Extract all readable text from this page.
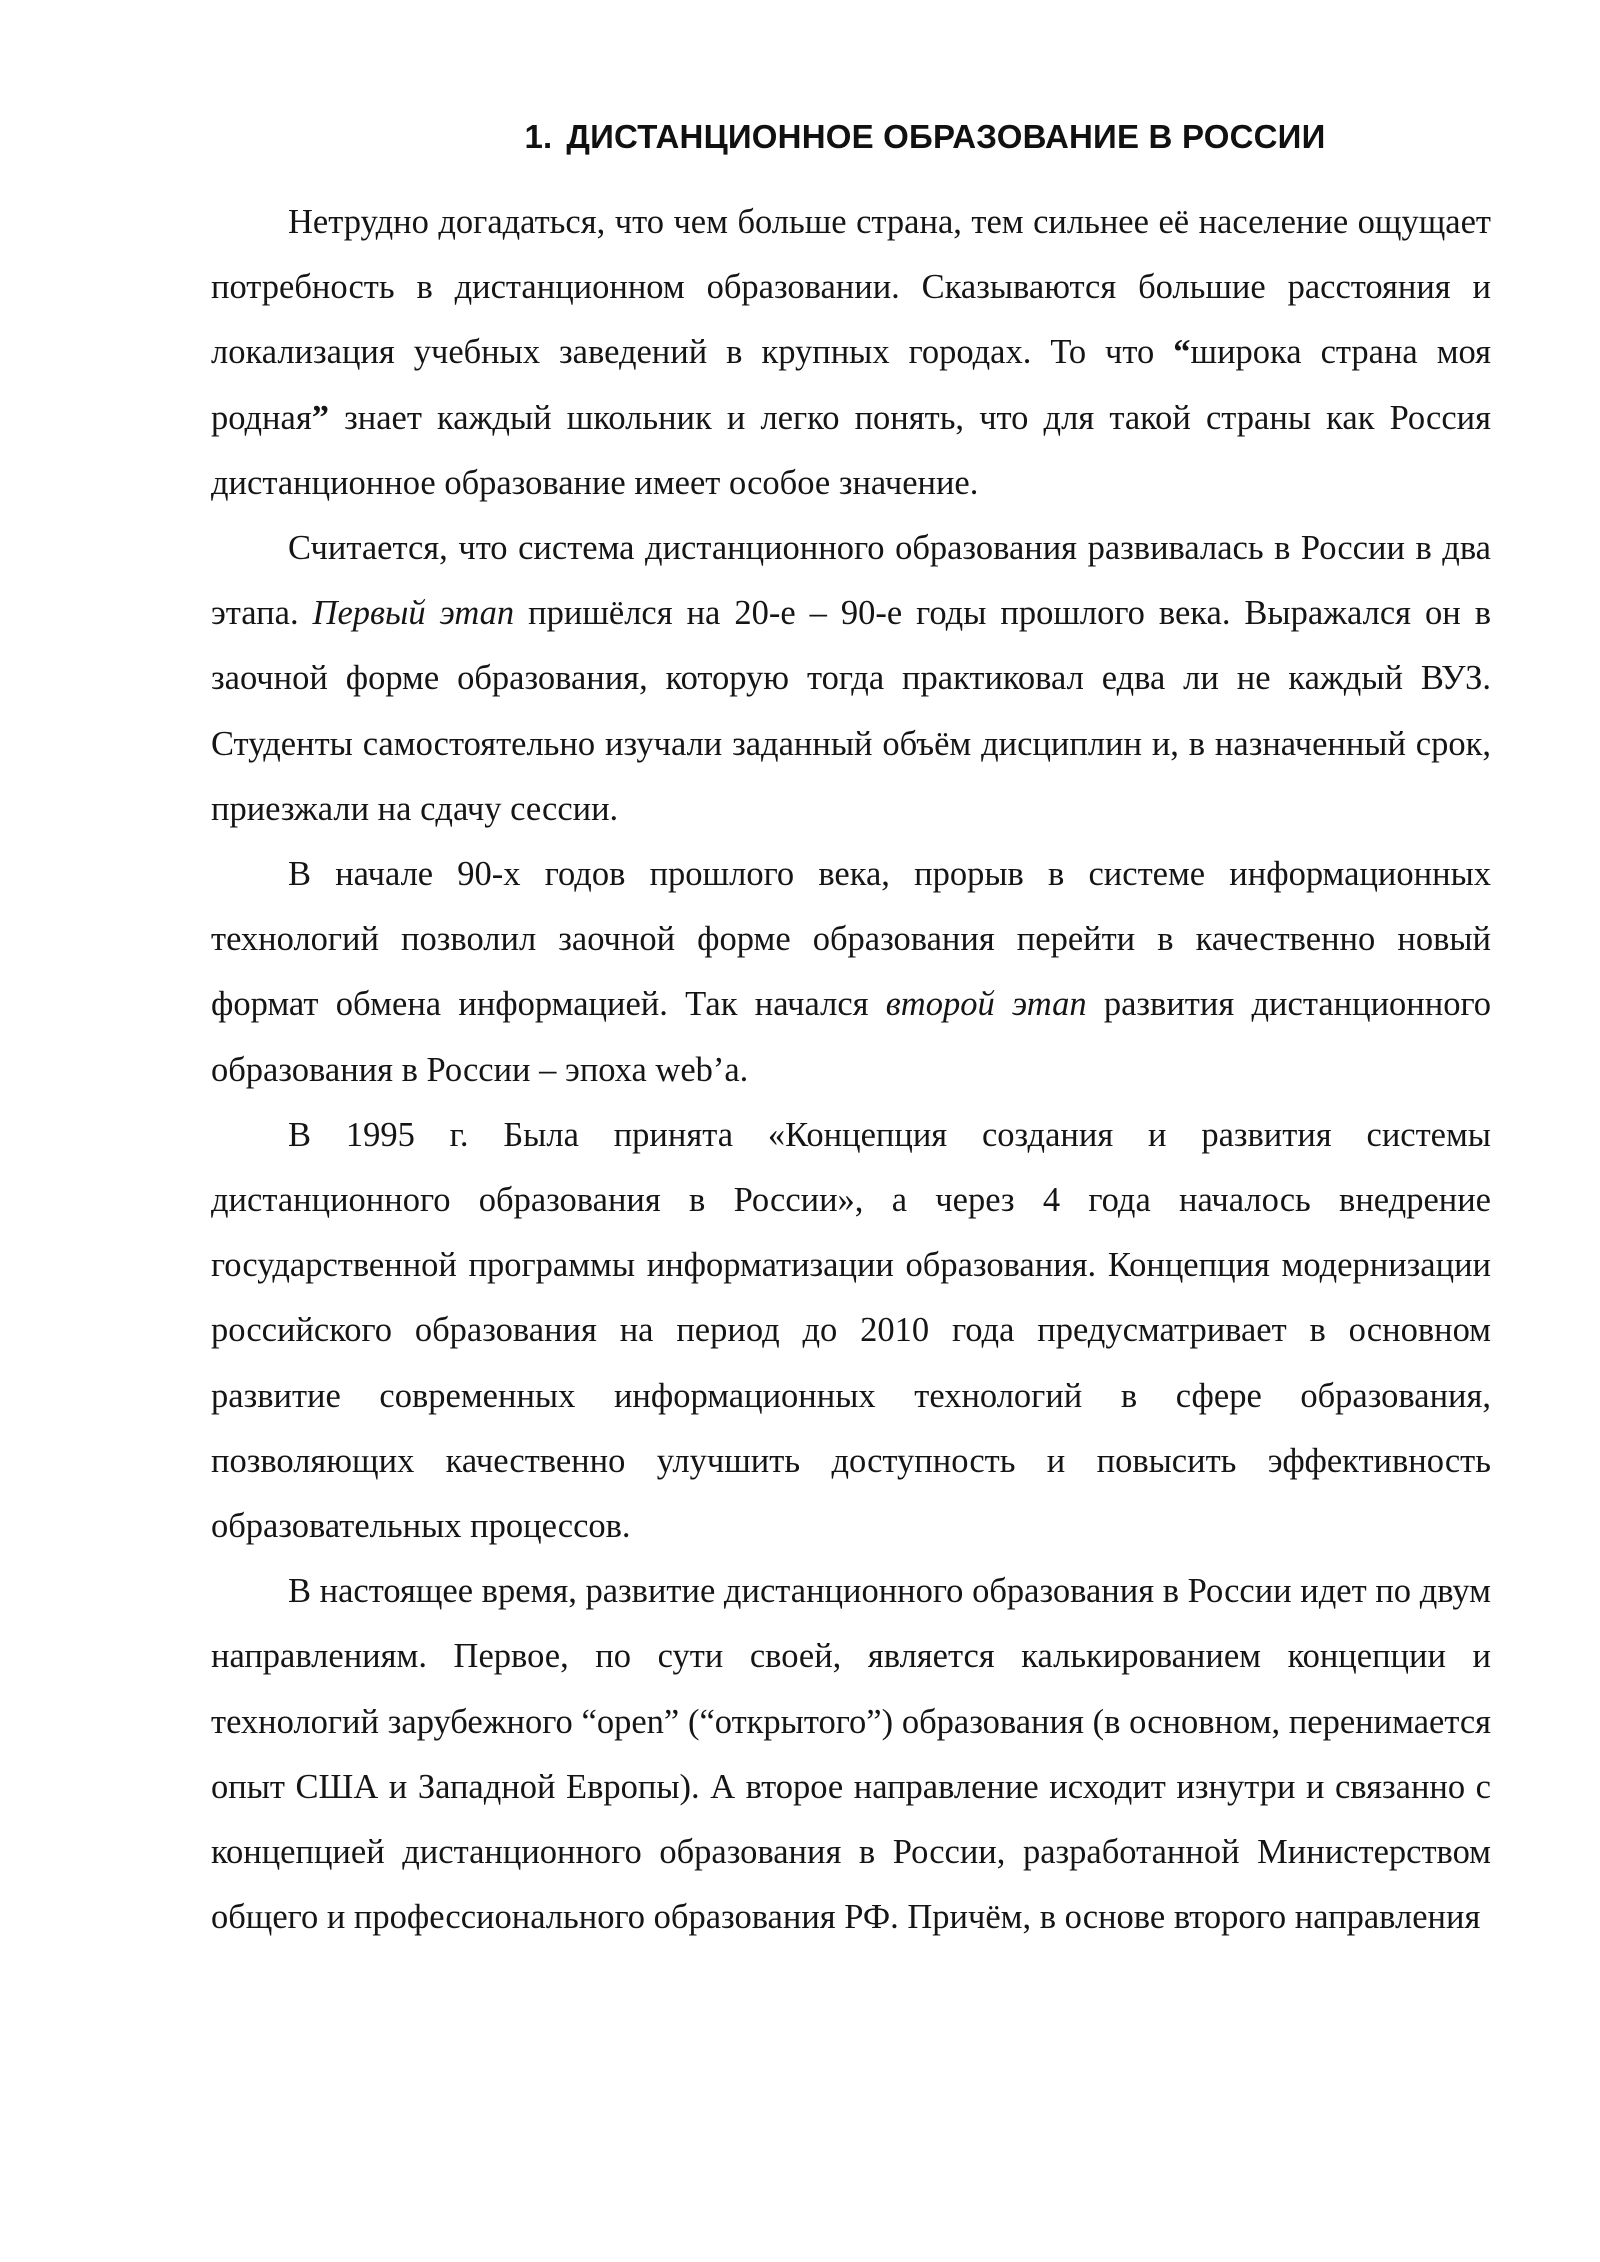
1. ДИСТАНЦИОННОЕ ОБРАЗОВАНИЕ В РОССИИ

Нетрудно догадаться, что чем больше страна, тем сильнее её население ощущает потребность в дистанционном образовании. Сказываются большие расстояния и локализация учебных заведений в крупных городах. То что “широка страна моя родная” знает каждый школьник и легко понять, что для такой страны как Россия дистанционное образование имеет особое значение.

Считается, что система дистанционного образования развивалась в России в два этапа. Первый этап пришёлся на 20-е – 90-е годы прошлого века. Выражался он в заочной форме образования, которую тогда практиковал едва ли не каждый ВУЗ. Студенты самостоятельно изучали заданный объём дисциплин и, в назначенный срок, приезжали на сдачу сессии.

В начале 90-х годов прошлого века, прорыв в системе информационных технологий позволил заочной форме образования перейти в качественно новый формат обмена информацией. Так начался второй этап развития дистанционного образования в России – эпоха web’а.

В 1995 г. Была принята «Концепция создания и развития системы дистанционного образования в России», а через 4 года началось внедрение государственной программы информатизации образования. Концепция модернизации российского образования на период до 2010 года предусматривает в основном развитие современных информационных технологий в сфере образования, позволяющих качественно улучшить доступность и повысить эффективность образовательных процессов.

В настоящее время, развитие дистанционного образования в России идет по двум направлениям. Первое, по сути своей, является калькированием концепции и технологий зарубежного “open” (“открытого”) образования (в основном, перенимается опыт США и Западной Европы). А второе направление исходит изнутри и связанно с концепцией дистанционного образования в России, разработанной Министерством общего и профессионального образования РФ. Причём, в основе второго направления
